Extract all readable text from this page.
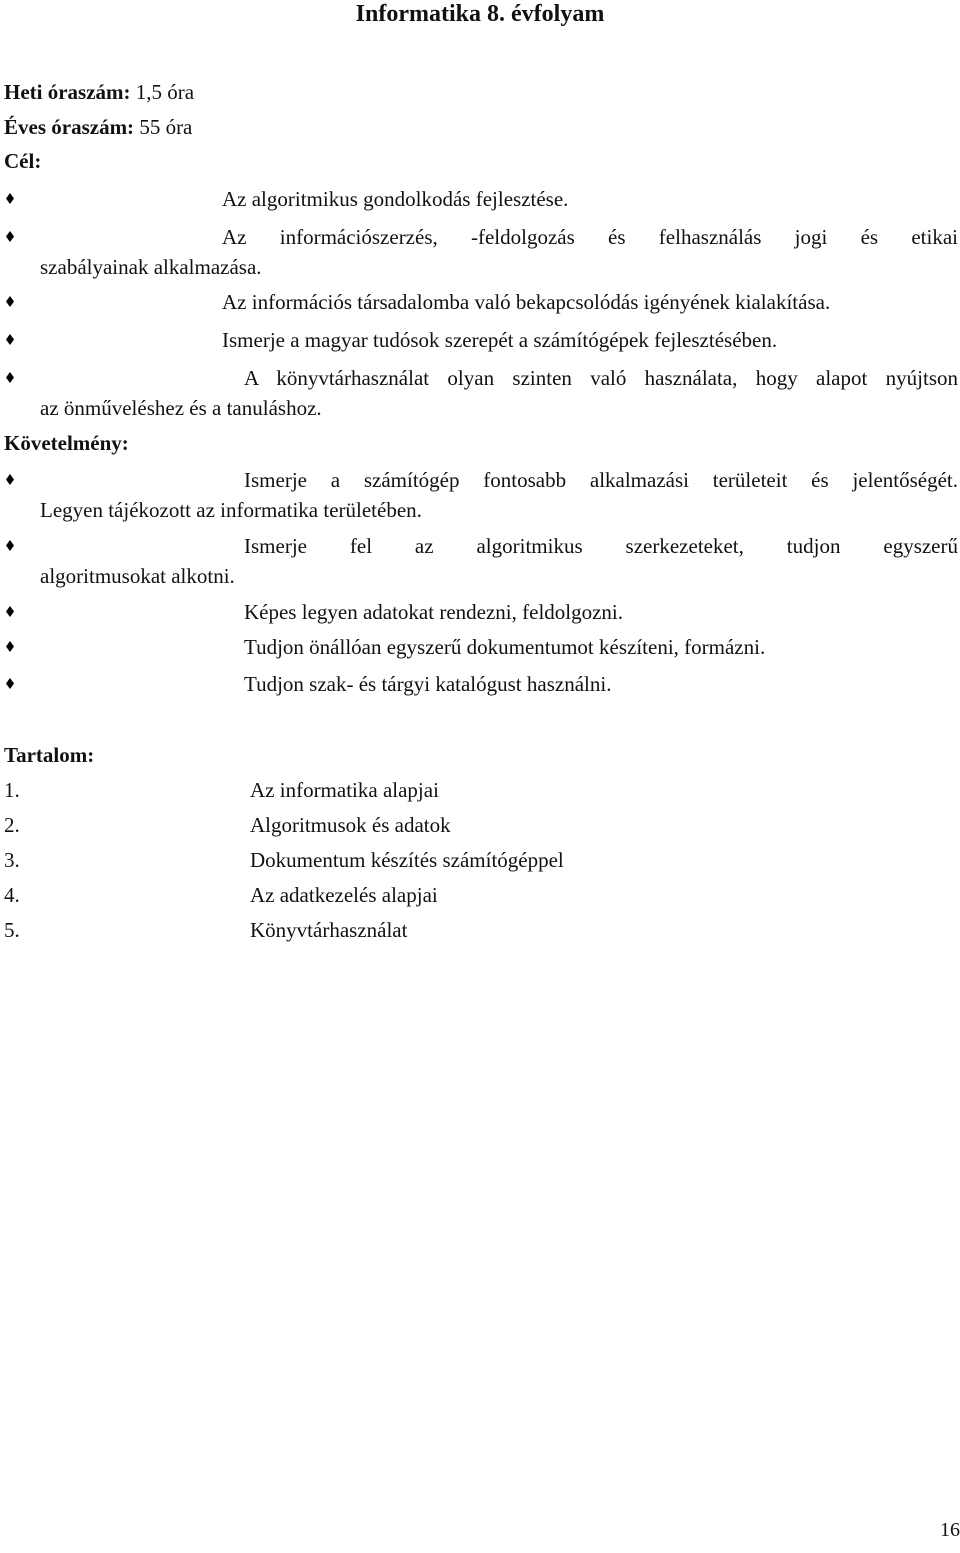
Informatika 8. évfolyam
Heti óraszám: 1,5 óra
Éves óraszám: 55 óra
Cél:
Az algoritmikus gondolkodás fejlesztése.
Az információszerzés, -feldolgozás és felhasználás jogi és etikai
szabályainak alkalmazása.
Az információs társadalomba való bekapcsolódás igényének kialakítása.
Ismerje a magyar tudósok szerepét a számítógépek fejlesztésében.
A könyvtárhasználat olyan szinten való használata, hogy alapot nyújtson
az önműveléshez és a tanuláshoz.
Követelmény:
Ismerje a számítógép fontosabb alkalmazási területeit és jelentőségét.
Legyen tájékozott az informatika területében.
Ismerje fel az algoritmikus szerkezeteket, tudjon egyszerű
algoritmusokat alkotni.
Képes legyen adatokat rendezni, feldolgozni.
Tudjon önállóan egyszerű dokumentumot készíteni, formázni.
Tudjon szak- és tárgyi katalógust használni.
Tartalom:
1.	Az informatika alapjai
2.	Algoritmusok és adatok
3.	Dokumentum készítés számítógéppel
4.	Az adatkezelés alapjai
5.	Könyvtárhasználat
16
